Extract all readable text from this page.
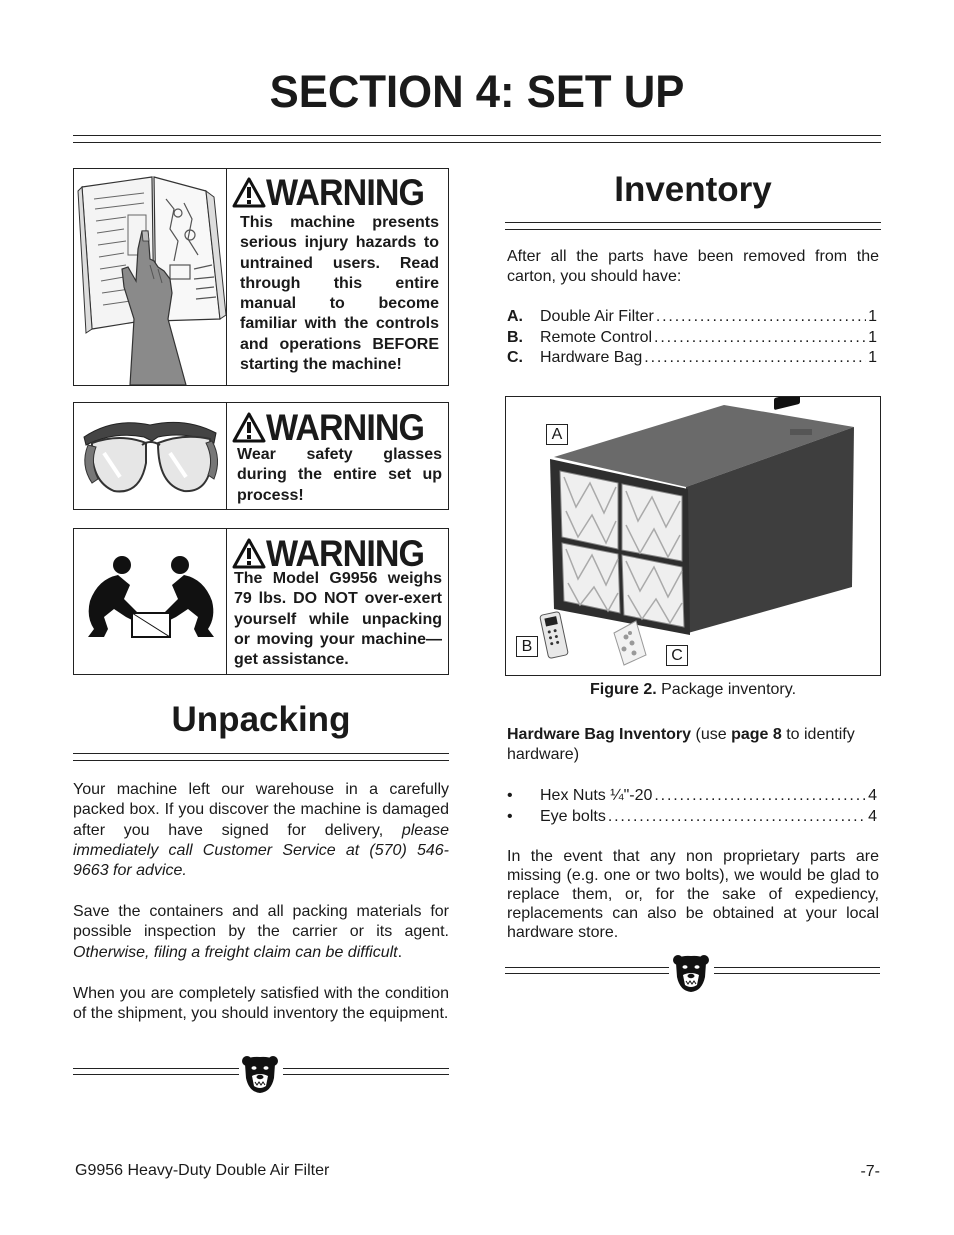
SECTION 4: SET UP
WARNING
This machine presents serious injury hazards to untrained users. Read through this entire manual to become familiar with the controls and operations BEFORE starting the machine!
WARNING
Wear safety glasses during the entire set up process!
WARNING
The Model G9956 weighs 79 lbs. DO NOT over-exert yourself while unpacking or moving your machine—get assistance.
Unpacking

Your machine left our warehouse in a carefully packed box. If you discover the machine is damaged after you have signed for delivery, please immediately call Customer Service at (570) 546-9663 for advice.

Save the containers and all packing materials for possible inspection by the carrier or its agent. Otherwise, filing a freight claim can be difficult.

When you are completely satisfied with the condition of the shipment, you should inventory the equipment.

Inventory

After all the parts have been removed from the carton, you should have:

A.	Double Air Filter . . .	1
B.	Remote Control . . .	1
C.	Hardware Bag . . .	1
A
B
C
Figure 2. Package inventory.

Hardware Bag Inventory (use page 8 to identify hardware)

•	Hex Nuts ¼"-20 . . .	4
•	Eye bolts . . .	4

In the event that any non proprietary parts are missing (e.g. one or two bolts), we would be glad to replace them, or, for the sake of expediency, replacements can also be obtained at your local hardware store.

G9956 Heavy-Duty Double Air Filter	-7-
